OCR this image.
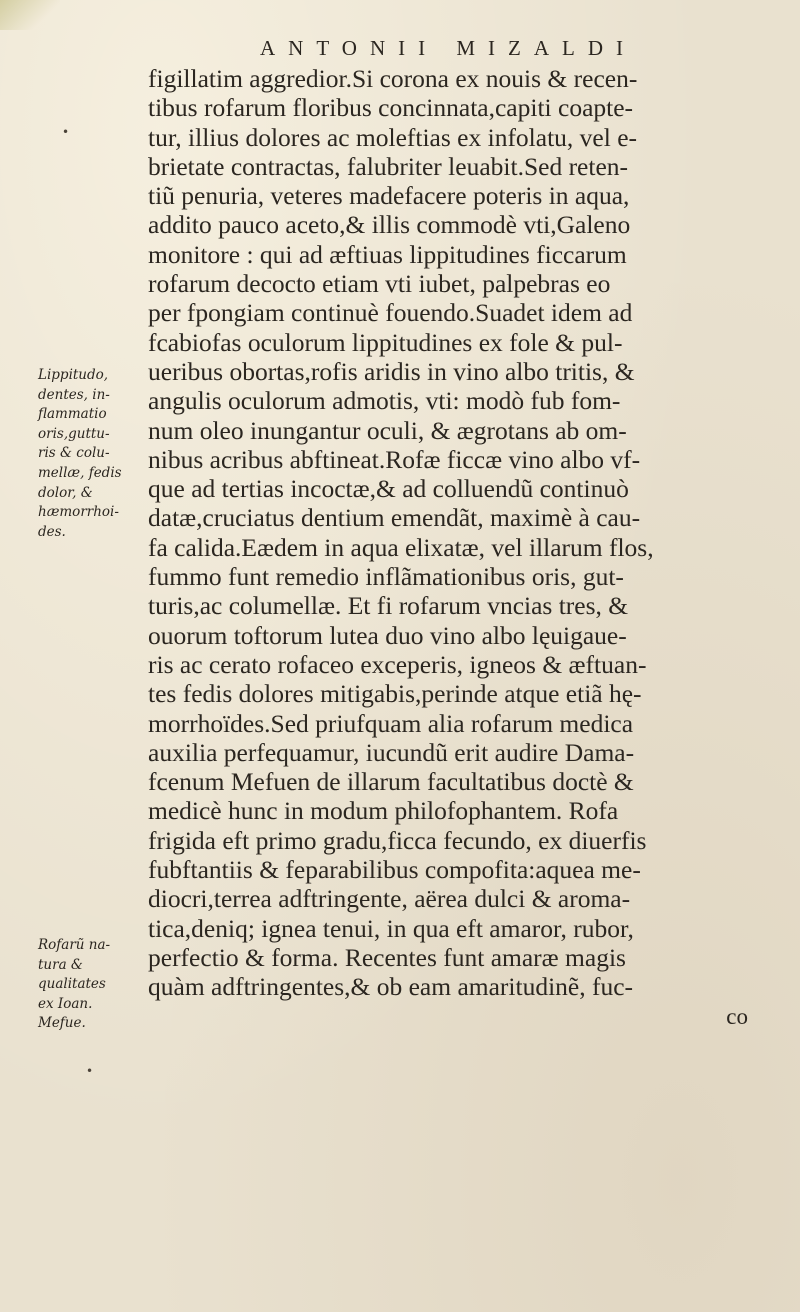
ANTONII MIZALDI
•
•
figillatim aggredior.Si corona ex nouis & recen-
tibus rofarum floribus concinnata,capiti coapte-
tur, illius dolores ac moleftias ex infolatu, vel e-
brietate contractas, falubriter leuabit.Sed reten-
tiũ penuria, veteres madefacere poteris in aqua,
addito pauco aceto,& illis commodè vti,Galeno
monitore : qui ad æftiuas lippitudines ficcarum
rofarum decocto etiam vti iubet, palpebras eo
per fpongiam continuè fouendo.Suadet idem ad
fcabiofas oculorum lippitudines ex fole & pul-
ueribus obortas,rofis aridis in vino albo tritis, &
angulis oculorum admotis, vti: modò fub fom-
num oleo inungantur oculi, & ægrotans ab om-
nibus acribus abftineat.Rofæ ficcæ vino albo vf-
que ad tertias incoctæ,& ad colluendũ continuò
datæ,cruciatus dentium emendãt, maximè à cau-
fa calida.Eædem in aqua elixatæ, vel illarum flos,
fummo funt remedio inflãmationibus oris, gut-
turis,ac columellæ. Et fi rofarum vncias tres, &
ouorum toftorum lutea duo vino albo lęuigaue-
ris ac cerato rofaceo exceperis, igneos & æftuan-
tes fedis dolores mitigabis,perinde atque etiã hę-
morrhoïdes.Sed priufquam alia rofarum medica
auxilia perfequamur, iucundũ erit audire Dama-
fcenum Mefuen de illarum facultatibus doctè &
medicè hunc in modum philofophantem. Rofa
frigida eft primo gradu,ficca fecundo, ex diuerfis
fubftantiis & feparabilibus compofita:aquea me-
diocri,terrea adftringente, aërea dulci & aroma-
tica,deniq; ignea tenui, in qua eft amaror, rubor,
perfectio & forma. Recentes funt amaræ magis
quàm adftringentes,& ob eam amaritudinẽ, fuc-
co
Lippitudo,
dentes, in-
flammatio
oris,guttu-
ris & colu-
mellæ, fedis
dolor, &
hæmorrhoi-
des.
Rofarũ na-
tura &
qualitates
ex Ioan.
Mefue.
